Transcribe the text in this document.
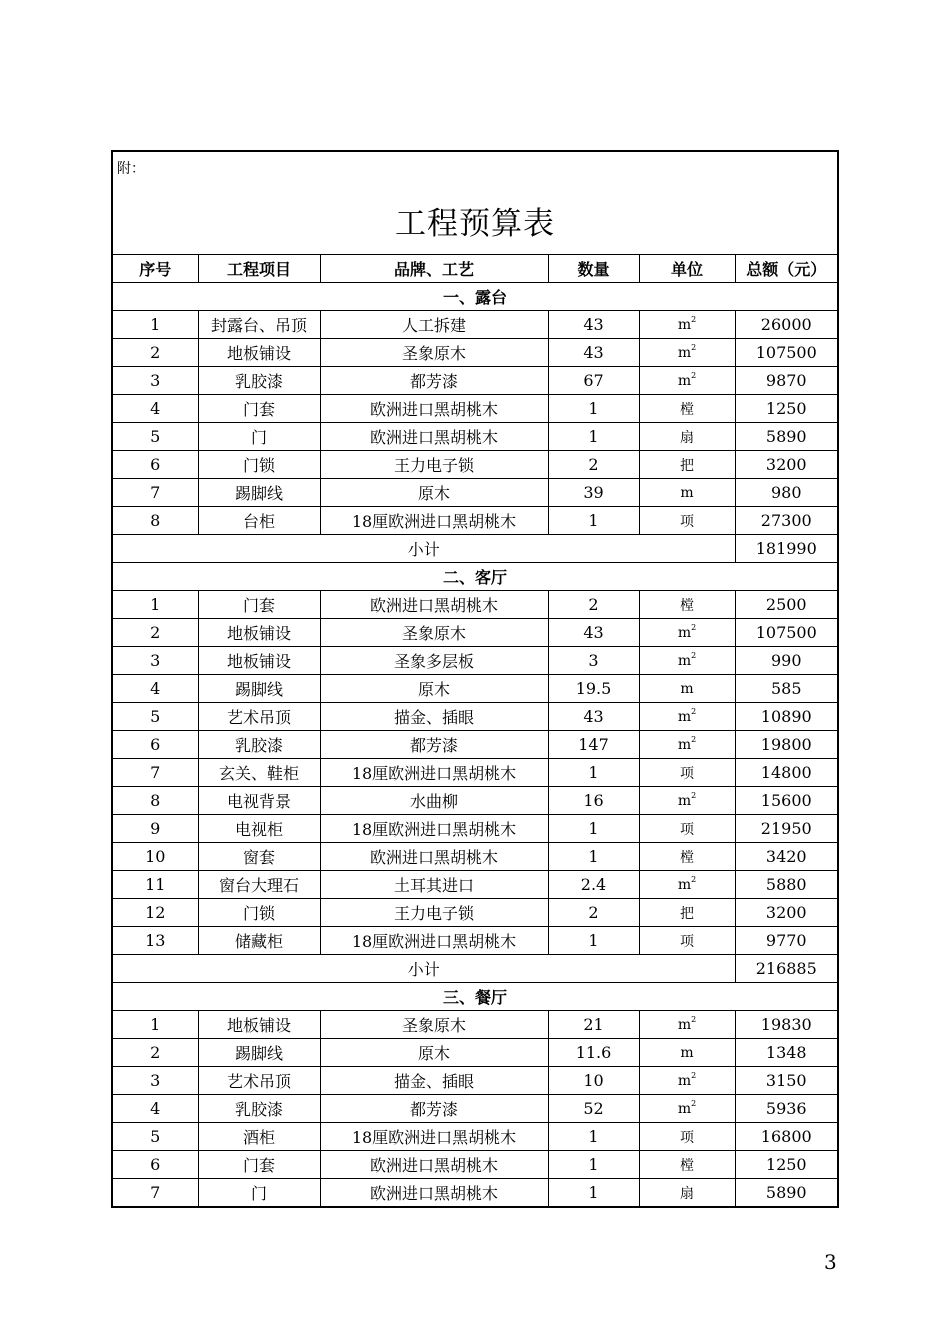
附：
工程预算表
序号	工程项目	品牌、工艺	数量	单位	总额（元）
一、露台					
1	封露台、吊顶	人工拆建	43	$m^2$	26000
2	地板铺设	圣象原木	43	$m^2$	107500
3	乳胶漆	都芳漆	67	$m^2$	9870
4	门套	欧洲进口黑胡桃木	1	樘	1250
5	门	欧洲进口黑胡桃木	1	扇	5890
6	门锁	王力电子锁	2	把	3200
7	踢脚线	原木	39	m	980
8	台柜	18厘欧洲进口黑胡桃木	1	项	27300
小计					181990
二、客厅					
1	门套	欧洲进口黑胡桃木	2	樘	2500
2	地板铺设	圣象原木	43	$m^2$	107500
3	地板铺设	圣象多层板	3	$m^2$	990
4	踢脚线	原木	19.5	m	585
5	艺术吊顶	描金、插眼	43	$m^2$	10890
6	乳胶漆	都芳漆	147	$m^2$	19800
7	玄关、鞋柜	18厘欧洲进口黑胡桃木	1	项	14800
8	电视背景	水曲柳	16	$m^2$	15600
9	电视柜	18厘欧洲进口黑胡桃木	1	项	21950
10	窗套	欧洲进口黑胡桃木	1	樘	3420
11	窗台大理石	土耳其进口	2.4	$m^2$	5880
12	门锁	王力电子锁	2	把	3200
13	储藏柜	18厘欧洲进口黑胡桃木	1	项	9770
小计					216885
三、餐厅					
1	地板铺设	圣象原木	21	$m^2$	19830
2	踢脚线	原木	11.6	m	1348
3	艺术吊顶	描金、插眼	10	$m^2$	3150
4	乳胶漆	都芳漆	52	$m^2$	5936
5	酒柜	18厘欧洲进口黑胡桃木	1	项	16800
6	门套	欧洲进口黑胡桃木	1	樘	1250
7	门	欧洲进口黑胡桃木	1	扇	5890
3
